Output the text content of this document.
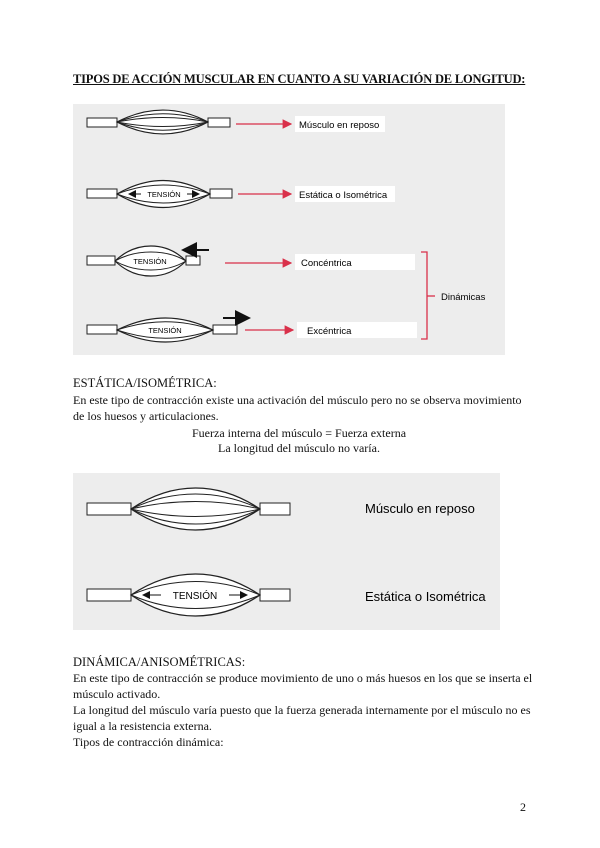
TIPOS DE ACCIÓN MUSCULAR EN CUANTO A SU VARIACIÓN DE LONGITUD:
Músculo en reposo
TENSIÓN	Estática o Isométrica
TENSIÓN	Concéntrica
TENSIÓN	Excéntrica
Dinámicas
ESTÁTICA/ISOMÉTRICA:
En este tipo de contracción existe una activación del músculo pero no se observa movimiento de los huesos y articulaciones.
Fuerza interna del músculo = Fuerza externa
La longitud del músculo no varía.
Músculo en reposo
TENSIÓN	Estática o Isométrica
DINÁMICA/ANISOMÉTRICAS:
En este tipo de contracción se produce movimiento de uno o más huesos en los que se inserta el músculo activado.
La longitud del músculo varía puesto que la fuerza generada internamente por el músculo no es igual a la resistencia externa.
Tipos de contracción dinámica:
2
